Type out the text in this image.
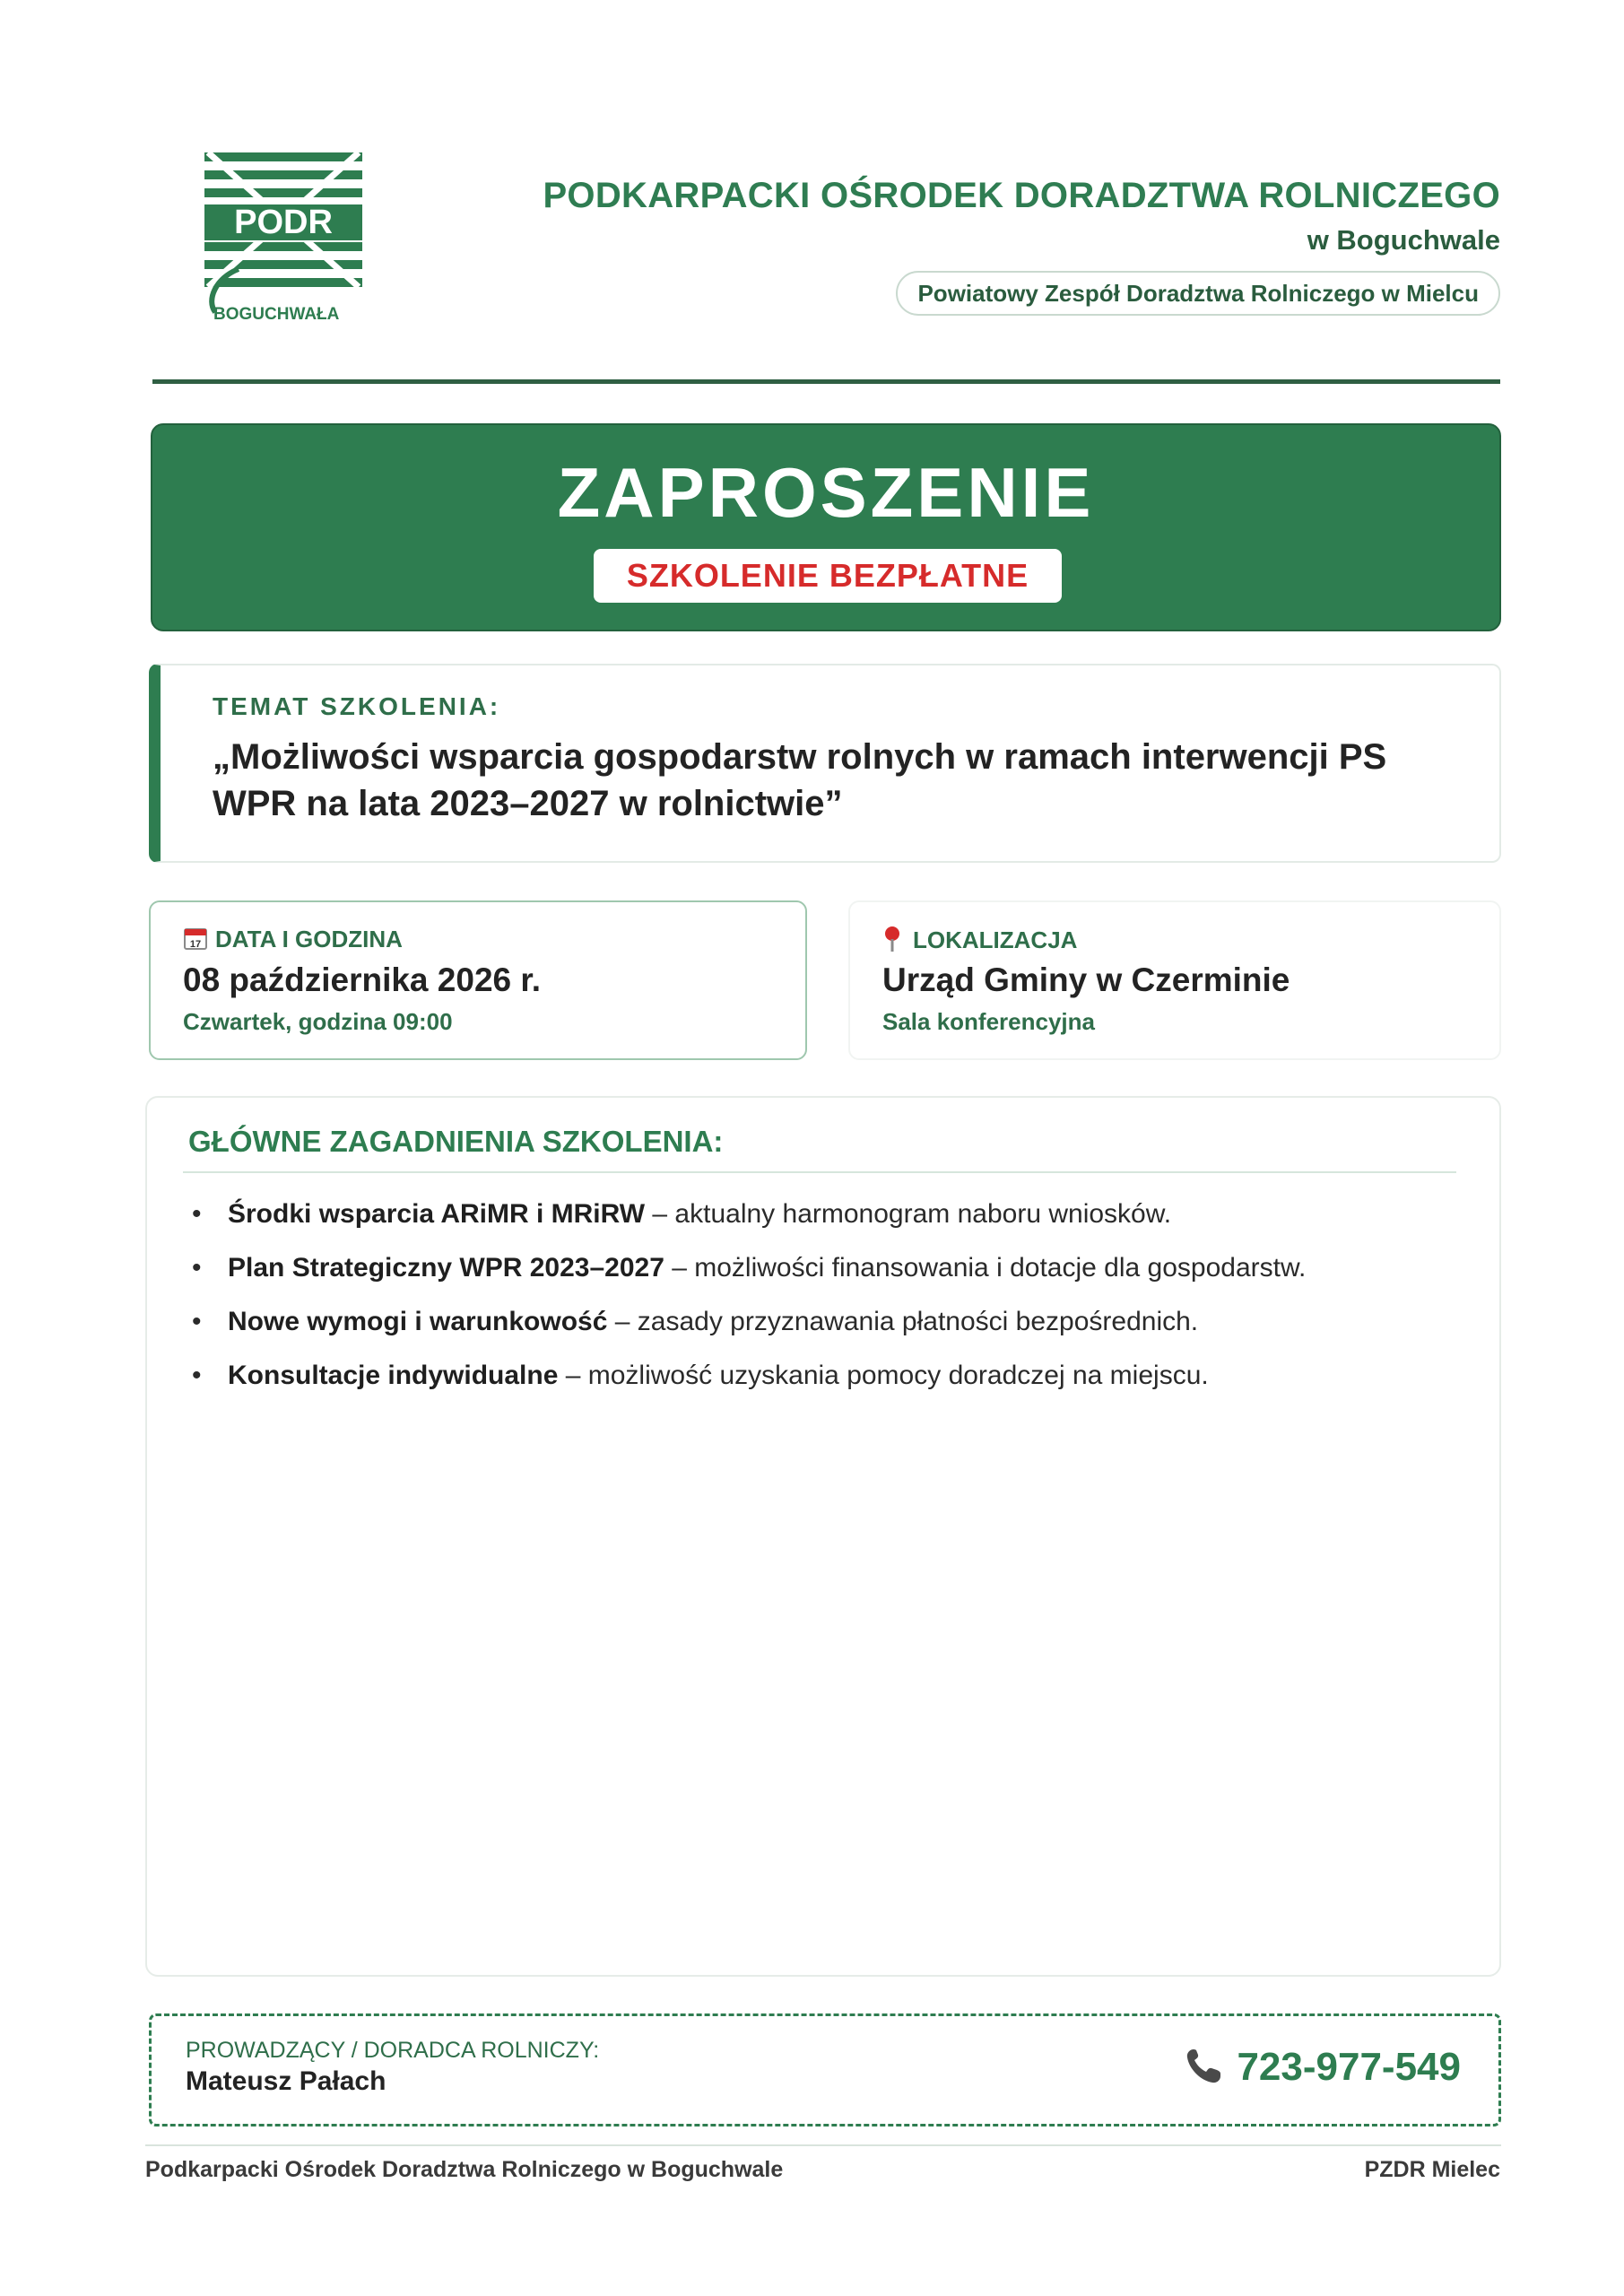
PODR
BOGUCHWAŁA
PODKARPACKI OŚRODEK DORADZTWA ROLNICZEGO
w Boguchwale
Powiatowy Zespół Doradztwa Rolniczego w Mielcu
ZAPROSZENIE
SZKOLENIE BEZPŁATNE
TEMAT SZKOLENIA:
„Możliwości wsparcia gospodarstw rolnych w ramach interwencji PS WPR na lata 2023–2027 w rolnictwie”
17 DATA I GODZINA
08 października 2026 r.
Czwartek, godzina 09:00
LOKALIZACJA
Urząd Gminy w Czerminie
Sala konferencyjna
GŁÓWNE ZAGADNIENIA SZKOLENIA:
• Środki wsparcia ARiMR i MRiRW – aktualny harmonogram naboru wniosków.
• Plan Strategiczny WPR 2023–2027 – możliwości finansowania i dotacje dla gospodarstw.
• Nowe wymogi i warunkowość – zasady przyznawania płatności bezpośrednich.
• Konsultacje indywidualne – możliwość uzyskania pomocy doradczej na miejscu.
PROWADZĄCY / DORADCA ROLNICZY:
Mateusz Pałach	723-977-549
Podkarpacki Ośrodek Doradztwa Rolniczego w Boguchwale	PZDR Mielec
